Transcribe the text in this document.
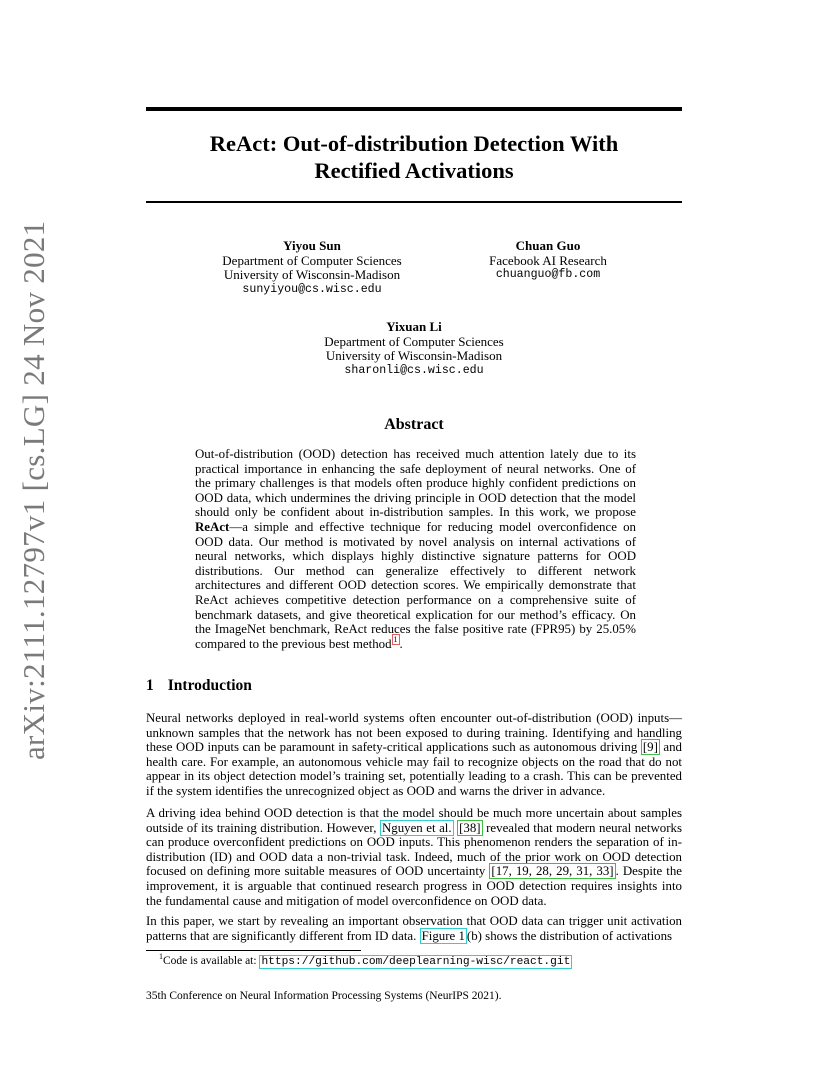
arXiv:2111.12797v1 [cs.LG] 24 Nov 2021
ReAct: Out-of-distribution Detection With
Rectified Activations
Yiyou Sun
Department of Computer Sciences
University of Wisconsin-Madison
sunyiyou@cs.wisc.edu
Chuan Guo
Facebook AI Research
chuanguo@fb.com
Yixuan Li
Department of Computer Sciences
University of Wisconsin-Madison
sharonli@cs.wisc.edu
Abstract
Out-of-distribution (OOD) detection has received much attention lately due to its practical importance in enhancing the safe deployment of neural networks. One of the primary challenges is that models often produce highly confident predictions on OOD data, which undermines the driving principle in OOD detection that the model should only be confident about in-distribution samples. In this work, we propose ReAct—a simple and effective technique for reducing model overconfidence on OOD data. Our method is motivated by novel analysis on internal activations of neural networks, which displays highly distinctive signature patterns for OOD distributions. Our method can generalize effectively to different network architectures and different OOD detection scores. We empirically demonstrate that ReAct achieves competitive detection performance on a comprehensive suite of benchmark datasets, and give theoretical explication for our method’s efficacy. On the ImageNet benchmark, ReAct reduces the false positive rate (FPR95) by 25.05% compared to the previous best method $^1$ .
1 Introduction
Neural networks deployed in real-world systems often encounter out-of-distribution (OOD) inputs—unknown samples that the network has not been exposed to during training. Identifying and handling these OOD inputs can be paramount in safety-critical applications such as autonomous driving [9] and health care. For example, an autonomous vehicle may fail to recognize objects on the road that do not appear in its object detection model’s training set, potentially leading to a crash. This can be prevented if the system identifies the unrecognized object as OOD and warns the driver in advance.
A driving idea behind OOD detection is that the model should be much more uncertain about samples outside of its training distribution. However, Nguyen et al. [38] revealed that modern neural networks can produce overconfident predictions on OOD inputs. This phenomenon renders the separation of in-distribution (ID) and OOD data a non-trivial task. Indeed, much of the prior work on OOD detection focused on defining more suitable measures of OOD uncertainty [17, 19, 28, 29, 31, 33] . Despite the improvement, it is arguable that continued research progress in OOD detection requires insights into the fundamental cause and mitigation of model overconfidence on OOD data.
In this paper, we start by revealing an important observation that OOD data can trigger unit activation patterns that are significantly different from ID data. Figure 1 (b) shows the distribution of activations
$^1$Code is available at: https://github.com/deeplearning-wisc/react.git
35th Conference on Neural Information Processing Systems (NeurIPS 2021).
